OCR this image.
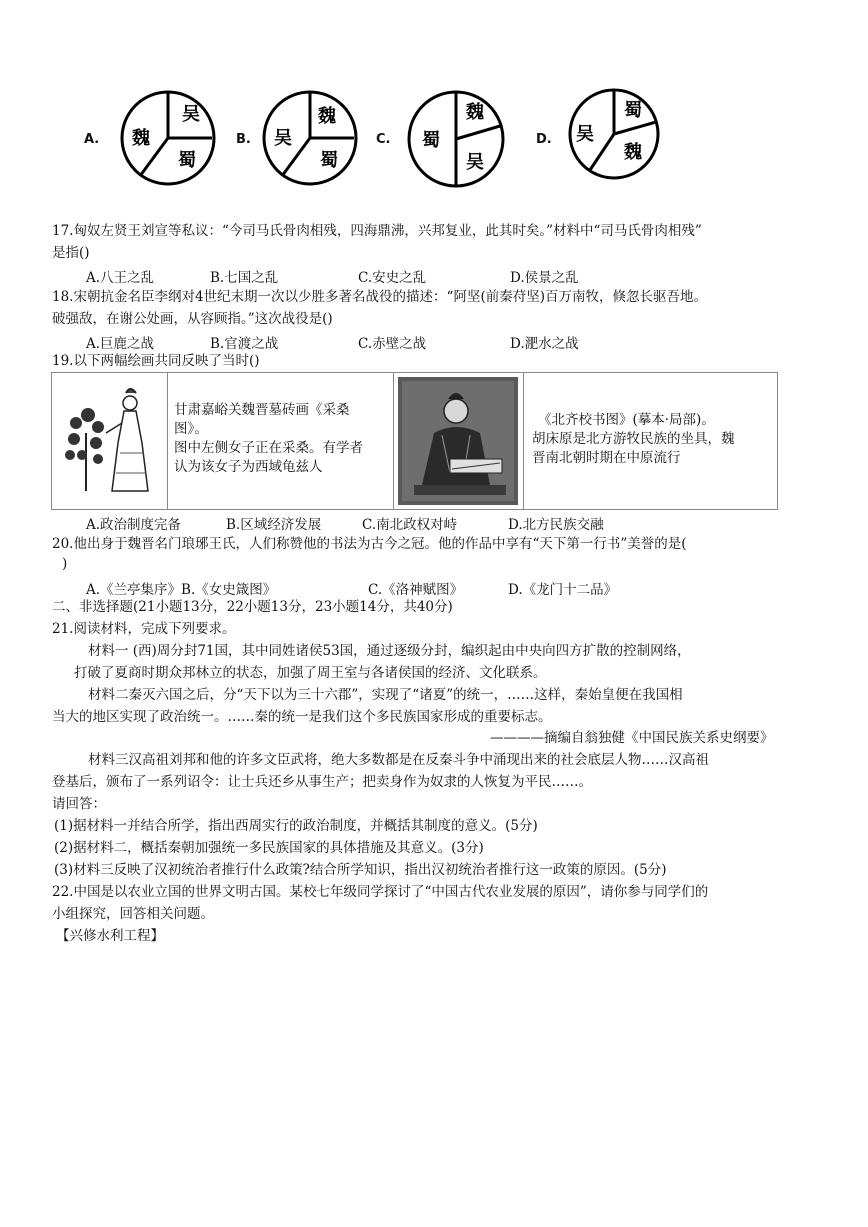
A.
吴
蜀
魏	B.
魏
蜀
吴	C.
魏
吴
蜀	D.
蜀
魏
吴
17.匈奴左贤王刘宣等私议：“今司马氏骨肉相残，四海鼎沸，兴邦复业，此其时矣。”材料中“司马氏骨肉相残”
是指()
A.八王之乱	B.七国之乱	C.安史之乱	D.侯景之乱
18.宋朝抗金名臣李纲对4世纪末期一次以少胜多著名战役的描述：“阿坚(前秦苻坚)百万南牧，倏忽长驱吾地。
破强敌，在谢公处画，从容顾指。”这次战役是()
A.巨鹿之战	B.官渡之战	C.赤壁之战	D.淝水之战
19.以下两幅绘画共同反映了当时()
甘肃嘉峪关魏晋墓砖画《采桑
图》。
图中左侧女子正在采桑。有学者
认为该女子为西域龟兹人
《北齐校书图》(摹本·局部)。
胡床原是北方游牧民族的坐具，魏
晋南北朝时期在中原流行
A.政治制度完备	B.区域经济发展	C.南北政权对峙	D.北方民族交融
20.他出身于魏晋名门琅琊王氏，人们称赞他的书法为古今之冠。他的作品中享有“天下第一行书”美誉的是(
)
A.《兰亭集序》B.《女史箴图》	C.《洛神赋图》	D.《龙门十二品》
二、非选择题(21小题13分，22小题13分，23小题14分，共40分)
21.阅读材料，完成下列要求。
材料一 (西)周分封71国，其中同姓诸侯53国，通过逐级分封，编织起由中央向四方扩散的控制网络，
打破了夏商时期众邦林立的状态，加强了周王室与各诸侯国的经济、文化联系。
材料二秦灭六国之后，分“天下以为三十六郡”，实现了“诸夏”的统一，……这样，秦始皇便在我国相
当大的地区实现了政治统一。……秦的统一是我们这个多民族国家形成的重要标志。
————摘编自翁独健《中国民族关系史纲要》
材料三汉高祖刘邦和他的许多文臣武将，绝大多数都是在反秦斗争中涌现出来的社会底层人物……汉高祖
登基后，颁布了一系列诏令：让士兵还乡从事生产；把卖身作为奴隶的人恢复为平民……。
请回答：
(1)据材料一并结合所学，指出西周实行的政治制度，并概括其制度的意义。(5分)
(2)据材料二，概括秦朝加强统一多民族国家的具体措施及其意义。(3分)
(3)材料三反映了汉初统治者推行什么政策?结合所学知识，指出汉初统治者推行这一政策的原因。(5分)
22.中国是以农业立国的世界文明古国。某校七年级同学探讨了“中国古代农业发展的原因”，请你参与同学们的
小组探究，回答相关问题。
【兴修水利工程】
